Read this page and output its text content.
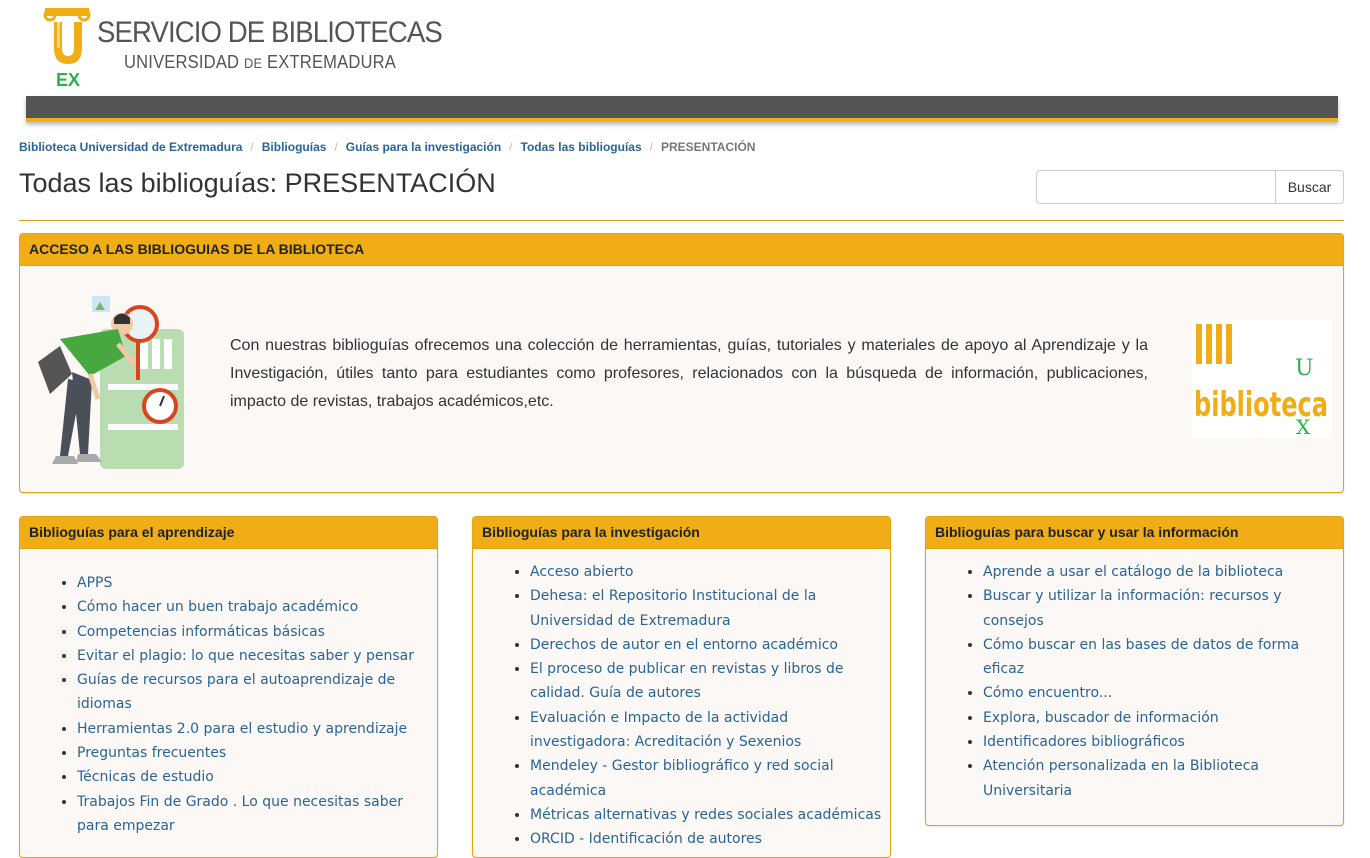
EX
SERVICIO DE BIBLIOTECAS
UNIVERSIDAD DE EXTREMADURA
Biblioteca Universidad de Extremadura / Biblioguías / Guías para la investigación / Todas las biblioguías / PRESENTACIÓN
Todas las biblioguías: PRESENTACIÓN	Buscar
ACCESO A LAS BIBLIOGUIAS DE LA BIBLIOTECA
Con nuestras biblioguías ofrecemos una colección de herramientas, guías, tutoriales y materiales de apoyo al Aprendizaje y la Investigación, útiles tanto para estudiantes como profesores, relacionados con la búsqueda de información, publicaciones, impacto de revistas, trabajos académicos,etc.
U
biblioteca
X
Biblioguías para el aprendizaje
• APPS
• Cómo hacer un buen trabajo académico
• Competencias informáticas básicas
• Evitar el plagio: lo que necesitas saber y pensar
• Guías de recursos para el autoaprendizaje de idiomas
• Herramientas 2.0 para el estudio y aprendizaje
• Preguntas frecuentes
• Técnicas de estudio
• Trabajos Fin de Grado . Lo que necesitas saber para empezar
Biblioguías para la investigación
• Acceso abierto
• Dehesa: el Repositorio Institucional de la Universidad de Extremadura
• Derechos de autor en el entorno académico
• El proceso de publicar en revistas y libros de calidad. Guía de autores
• Evaluación e Impacto de la actividad investigadora: Acreditación y Sexenios
• Mendeley - Gestor bibliográfico y red social académica
• Métricas alternativas y redes sociales académicas
• ORCID - Identificación de autores
Biblioguías para buscar y usar la información
• Aprende a usar el catálogo de la biblioteca
• Buscar y utilizar la información: recursos y consejos
• Cómo buscar en las bases de datos de forma eficaz
• Cómo encuentro...
• Explora, buscador de información
• Identificadores bibliográficos
• Atención personalizada en la Biblioteca Universitaria
